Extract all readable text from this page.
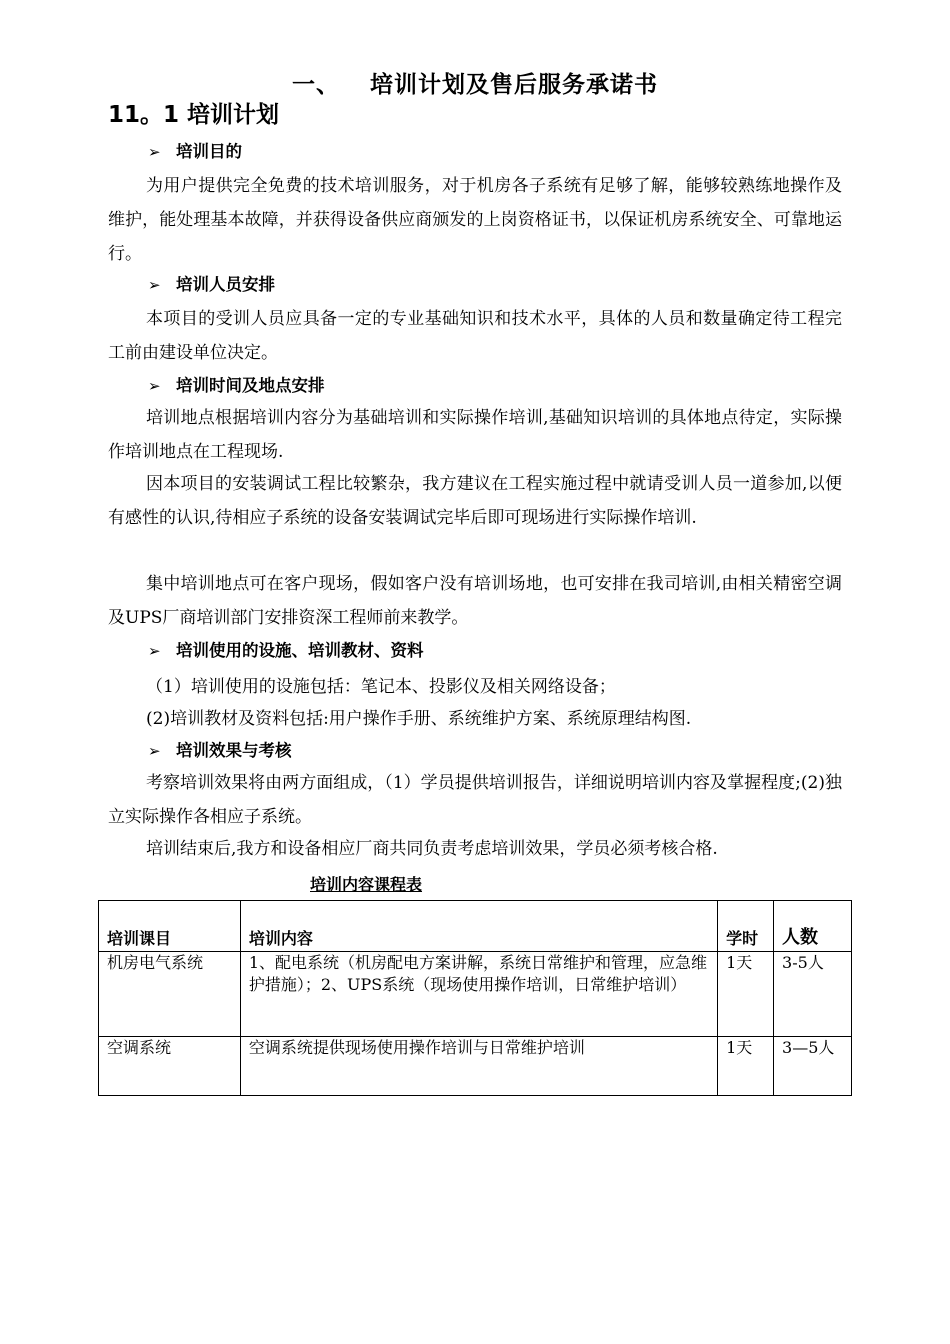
一、 培训计划及售后服务承诺书
11。1 培训计划
➢ 培训目的
为用户提供完全免费的技术培训服务，对于机房各子系统有足够了解，能够较熟练地操作及维护，能处理基本故障，并获得设备供应商颁发的上岗资格证书，以保证机房系统安全、可靠地运行。
➢ 培训人员安排
本项目的受训人员应具备一定的专业基础知识和技术水平，具体的人员和数量确定待工程完工前由建设单位决定。
➢ 培训时间及地点安排
培训地点根据培训内容分为基础培训和实际操作培训,基础知识培训的具体地点待定，实际操作培训地点在工程现场.
因本项目的安装调试工程比较繁杂，我方建议在工程实施过程中就请受训人员一道参加,以便有感性的认识,待相应子系统的设备安装调试完毕后即可现场进行实际操作培训.
集中培训地点可在客户现场，假如客户没有培训场地，也可安排在我司培训,由相关精密空调及UPS厂商培训部门安排资深工程师前来教学。
➢ 培训使用的设施、培训教材、资料
（1）培训使用的设施包括：笔记本、投影仪及相关网络设备；
(2)培训教材及资料包括:用户操作手册、系统维护方案、系统原理结构图.
➢ 培训效果与考核
考察培训效果将由两方面组成，（1）学员提供培训报告，详细说明培训内容及掌握程度;(2)独立实际操作各相应子系统。
培训结束后,我方和设备相应厂商共同负责考虑培训效果，学员必须考核合格.
培训内容课程表
培训课目	培训内容	学时	人数
机房电气系统	1、配电系统（机房配电方案讲解，系统日常维护和管理，应急维护措施）；2、UPS系统（现场使用操作培训，日常维护培训）	1天	3-5人
空调系统	空调系统提供现场使用操作培训与日常维护培训	1天	3—5人
